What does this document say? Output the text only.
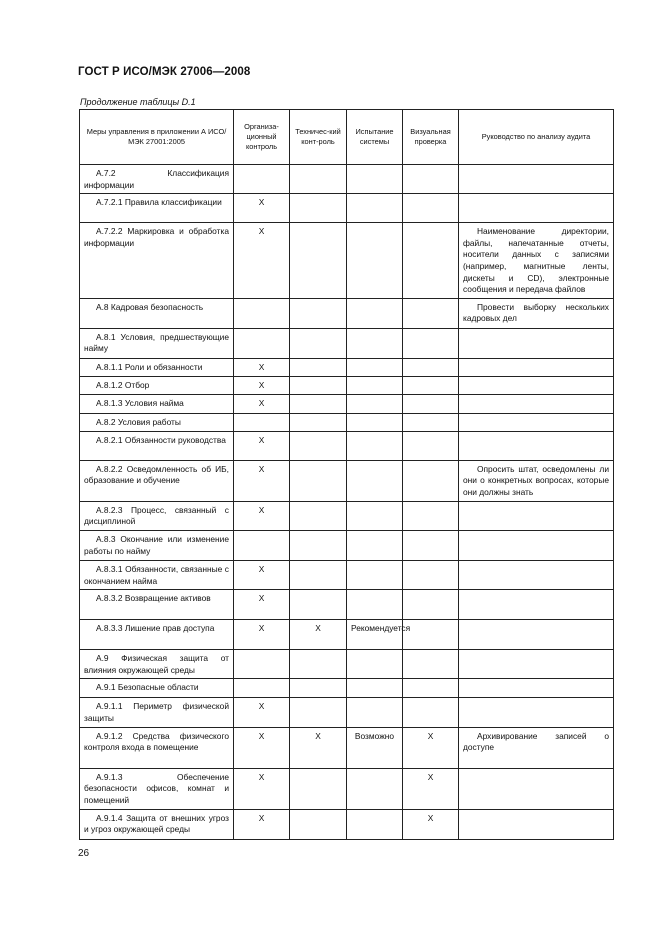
ГОСТ Р ИСО/МЭК 27006—2008
Продолжение таблицы D.1
Меры управления в приложении А ИСО/МЭК 27001:2005	Организа-ционный контроль	Техничес-кий конт-роль	Испытание системы	Визуальная проверка	Руководство по анализу аудита

А.7.2 Классификация информации					

А.7.2.1 Правила классификации	X				

А.7.2.2 Маркировка и обработка информации	X				Наименование директории, файлы, напечатанные отчеты, носители данных с записями (например, магнитные ленты, дискеты и CD), электронные сообщения и передача файлов

А.8 Кадровая безопасность					Провести выборку нескольких кадровых дел

А.8.1 Условия, предшествующие найму					

А.8.1.1 Роли и обязанности	X				

А.8.1.2 Отбор	X				

А.8.1.3 Условия найма	X				

А.8.2 Условия работы					

А.8.2.1 Обязанности руководства	X				

А.8.2.2 Осведомленность об ИБ, образование и обучение	X				Опросить штат, осведомлены ли они о конкретных вопросах, которые они должны знать

А.8.2.3 Процесс, связанный с дисциплиной	X				

А.8.3 Окончание или изменение работы по найму					

А.8.3.1 Обязанности, связанные с окончанием найма	X				

А.8.3.2 Возвращение активов	X				

А.8.3.3 Лишение прав доступа	X	X	Рекомендуется		

А.9 Физическая защита от влияния окружающей среды					

А.9.1 Безопасные области					

А.9.1.1 Периметр физической защиты	X				

А.9.1.2 Средства физического контроля входа в помещение	X	X	Возможно	X	Архивирование записей о доступе

А.9.1.3 Обеспечение безопасности офисов, комнат и помещений	X			X	

А.9.1.4 Защита от внешних угроз и угроз окружающей среды	X			X	
26
